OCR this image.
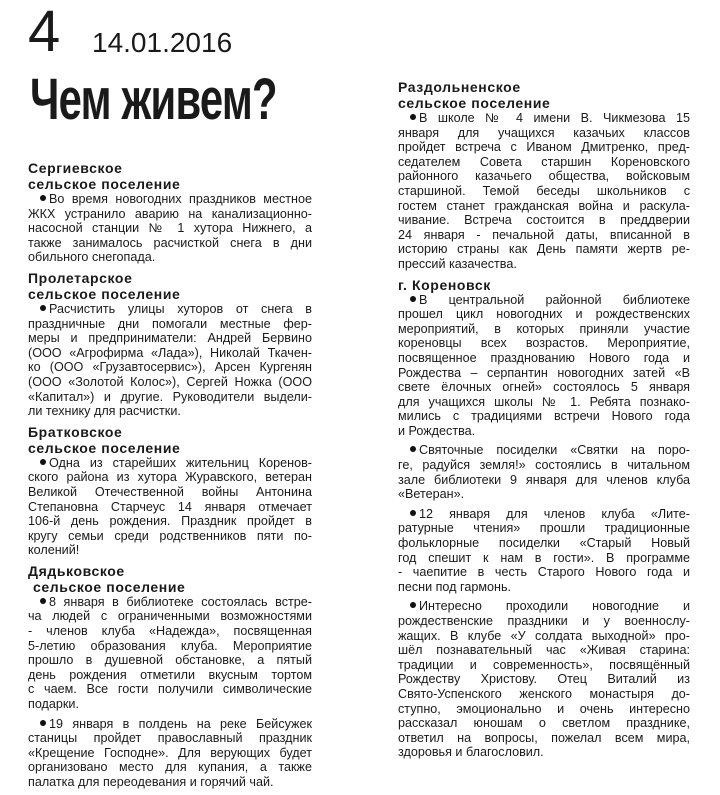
4 14.01.2016
Чем живем?
Сергиевское
сельское поселение
Во время новогодних праздников местное
ЖКХ устранило аварию на канализационно-
насосной станции № 1 хутора Нижнего, а
также занималось расчисткой снега в дни
обильного снегопада.
Пролетарское
сельское поселение
Расчистить улицы хуторов от снега в
праздничные дни помогали местные фер-
меры и предприниматели: Андрей Бервино
(ООО «Агрофирма «Лада»), Николай Ткачен-
ко (ООО «Грузавтосервис»), Арсен Кургенян
(ООО «Золотой Колос»), Сергей Ножка (ООО
«Капитал») и другие. Руководители выдели-
ли технику для расчистки.
Братковское
сельское поселение
Одна из старейших жительниц Коренов-
ского района из хутора Журавского, ветеран
Великой Отечественной войны Антонина
Степановна Старчеус 14 января отмечает
106-й день рождения. Праздник пройдет в
кругу семьи среди родственников пяти по-
колений!
Дядьковское
сельское поселение
8 января в библиотеке состоялась встре-
ча людей с ограниченными возможностями
- членов клуба «Надежда», посвященная
5-летию образования клуба. Мероприятие
прошло в душевной обстановке, а пятый
день рождения отметили вкусным тортом
с чаем. Все гости получили символические
подарки.
19 января в полдень на реке Бейсужек
станицы пройдет православный праздник
«Крещение Господне». Для верующих будет
организовано место для купания, а также
палатка для переодевания и горячий чай.
Раздольненское
сельское поселение
В школе № 4 имени В. Чикмезова 15
января для учащихся казачьих классов
пройдет встреча с Иваном Дмитренко, пред-
седателем Совета старшин Кореновского
районного казачьего общества, войсковым
старшиной. Темой беседы школьников с
гостем станет гражданская война и раскула-
чивание. Встреча состоится в преддверии
24 января - печальной даты, вписанной в
историю страны как День памяти жертв ре-
прессий казачества.
г. Кореновск
В центральной районной библиотеке
прошел цикл новогодних и рождественских
мероприятий, в которых приняли участие
кореновцы всех возрастов. Мероприятие,
посвященное празднованию Нового года и
Рождества – серпантин новогодних затей «В
свете ёлочных огней» состоялось 5 января
для учащихся школы № 1. Ребята познако-
мились с традициями встречи Нового года
и Рождества.
Святочные посиделки «Святки на поро-
ге, радуйся земля!» состоялись в читальном
зале библиотеки 9 января для членов клуба
«Ветеран».
12 января для членов клуба «Лите-
ратурные чтения» прошли традиционные
фольклорные посиделки «Старый Новый
год спешит к нам в гости». В программе
- чаепитие в честь Старого Нового года и
песни под гармонь.
Интересно проходили новогодние и
рождественские праздники и у военнослу-
жащих. В клубе «У солдата выходной» про-
шёл познавательный час «Живая старина:
традиции и современность», посвящённый
Рождеству Христову. Отец Виталий из
Свято-Успенского женского монастыря до-
ступно, эмоционально и очень интересно
рассказал юношам о светлом празднике,
ответил на вопросы, пожелал всем мира,
здоровья и благословил.
